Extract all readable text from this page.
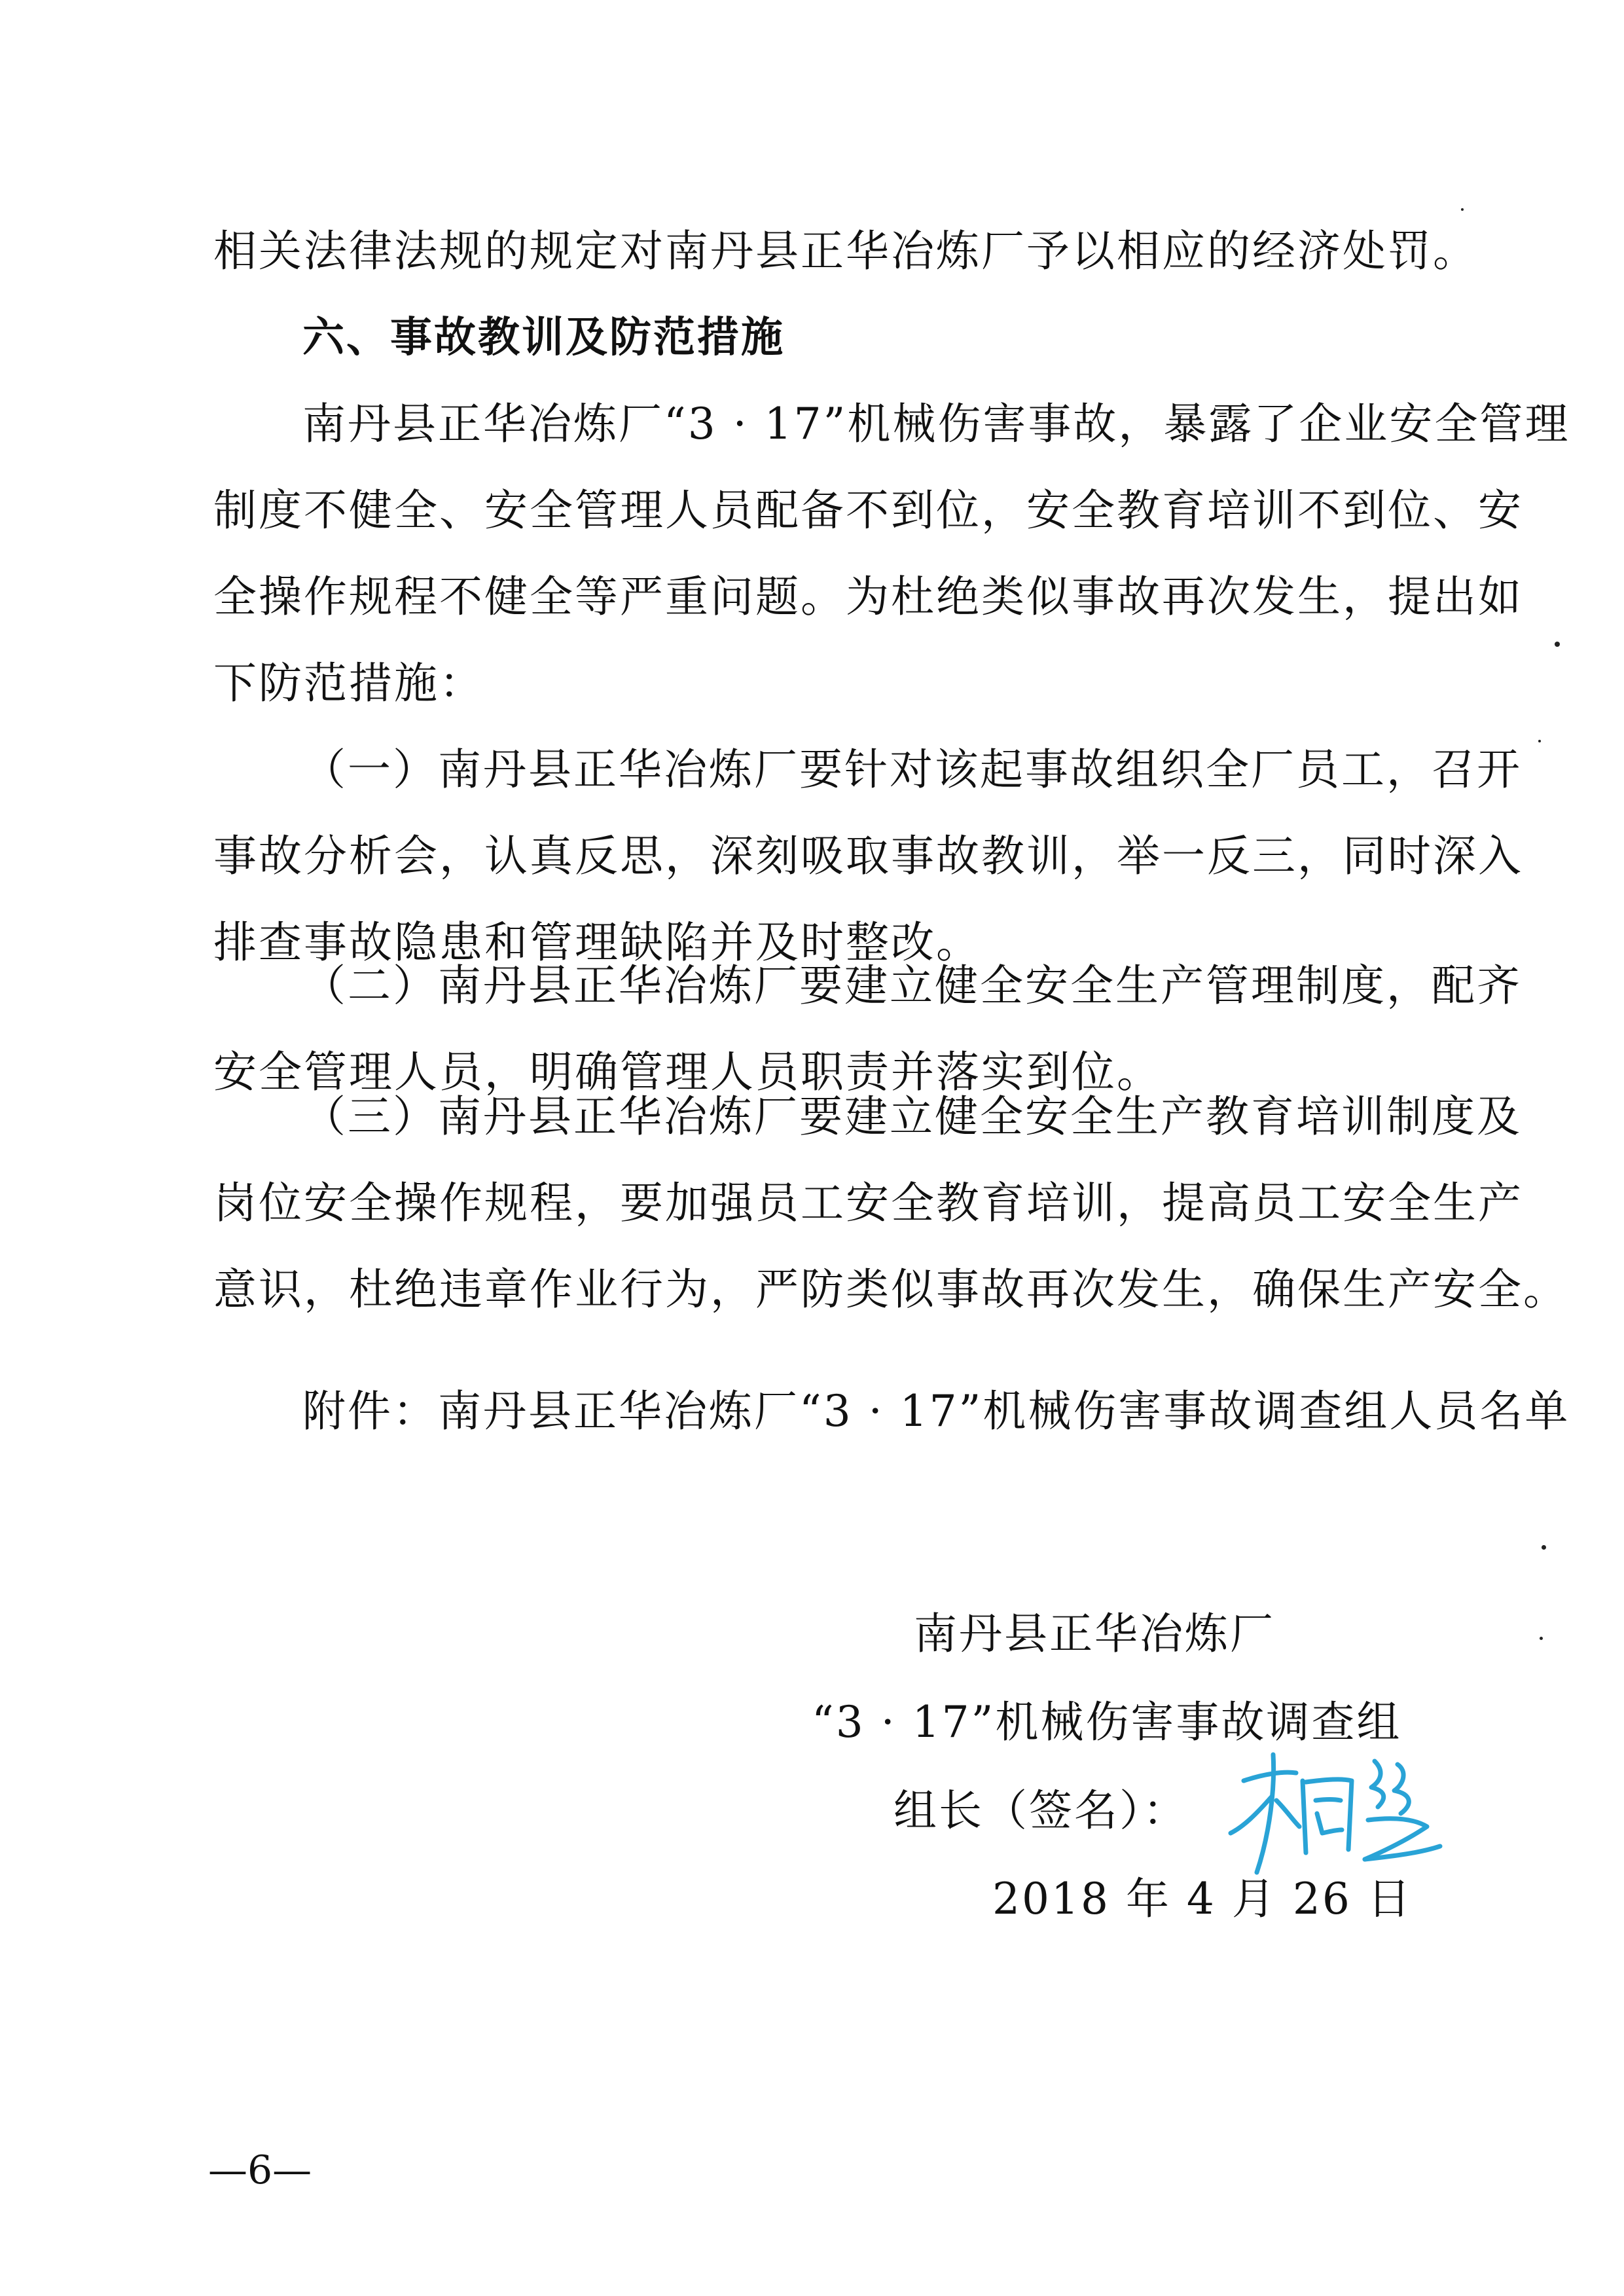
相关法律法规的规定对南丹县正华冶炼厂予以相应的经济处罚。
六、事故教训及防范措施
南丹县正华冶炼厂“3 · 17”机械伤害事故，暴露了企业安全管理
制度不健全、安全管理人员配备不到位，安全教育培训不到位、安
全操作规程不健全等严重问题。为杜绝类似事故再次发生，提出如
下防范措施：
（一）南丹县正华冶炼厂要针对该起事故组织全厂员工，召开
事故分析会，认真反思，深刻吸取事故教训，举一反三，同时深入
排查事故隐患和管理缺陷并及时整改。
（二）南丹县正华冶炼厂要建立健全安全生产管理制度，配齐
安全管理人员，明确管理人员职责并落实到位。
（三）南丹县正华冶炼厂要建立健全安全生产教育培训制度及
岗位安全操作规程，要加强员工安全教育培训，提高员工安全生产
意识，杜绝违章作业行为，严防类似事故再次发生，确保生产安全。
附件：南丹县正华冶炼厂“3 · 17”机械伤害事故调查组人员名单
南丹县正华冶炼厂
“3 · 17”机械伤害事故调查组
组长（签名）：
2018 年 4 月 26 日
—6—
